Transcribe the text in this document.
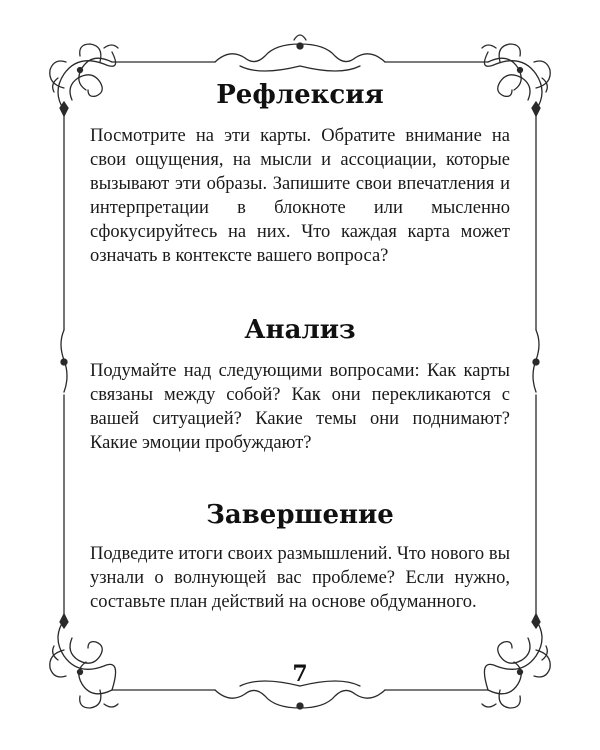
Рефлексия

Посмотрите на эти карты. Обратите внимание на свои ощущения, на мысли и ассоциации, которые вызывают эти образы. Запишите свои впечатления и интерпретации в блокноте или мысленно сфокусируйтесь на них. Что каждая карта может означать в контексте вашего вопроса?

Анализ

Подумайте над следующими вопросами: Как карты связаны между собой? Как они перекликаются с вашей ситуацией? Какие темы они поднимают? Какие эмоции пробуждают?

Завершение

Подведите итоги своих размышлений. Что нового вы узнали о волнующей вас проблеме? Если нужно, составьте план действий на основе обдуманного.

7
